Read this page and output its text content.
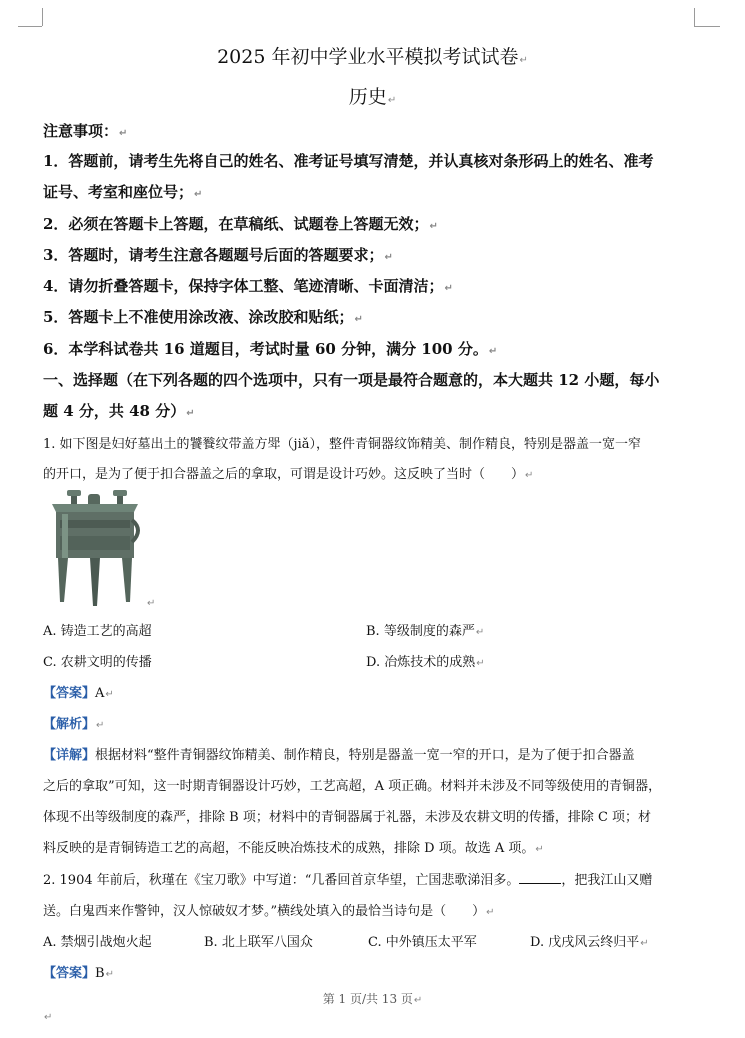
2025 年初中学业水平模拟考试试卷↵
历史↵
注意事项：↵
1．答题前，请考生先将自己的姓名、准考证号填写清楚，并认真核对条形码上的姓名、准考
证号、考室和座位号；↵
2．必须在答题卡上答题，在草稿纸、试题卷上答题无效；↵
3．答题时，请考生注意各题题号后面的答题要求；↵
4．请勿折叠答题卡，保持字体工整、笔迹清晰、卡面清洁；↵
5．答题卡上不准使用涂改液、涂改胶和贴纸；↵
6．本学科试卷共 16 道题目，考试时量 60 分钟，满分 100 分。↵
一、选择题（在下列各题的四个选项中，只有一项是最符合题意的，本大题共 12 小题，每小
题 4 分，共 48 分）↵
1. 如下图是妇好墓出土的饕餮纹带盖方斝（jiǎ），整件青铜器纹饰精美、制作精良，特别是器盖一宽一窄
的开口，是为了便于扣合器盖之后的拿取，可谓是设计巧妙。这反映了当时（　　）↵
↵
A. 铸造工艺的高超	B. 等级制度的森严↵
C. 农耕文明的传播	D. 冶炼技术的成熟↵
【答案】A↵
【解析】↵
【详解】根据材料“整件青铜器纹饰精美、制作精良，特别是器盖一宽一窄的开口，是为了便于扣合器盖
之后的拿取”可知，这一时期青铜器设计巧妙，工艺高超，A 项正确。材料并未涉及不同等级使用的青铜器，
体现不出等级制度的森严，排除 B 项；材料中的青铜器属于礼器，未涉及农耕文明的传播，排除 C 项；材
料反映的是青铜铸造工艺的高超，不能反映冶炼技术的成熟，排除 D 项。故选 A 项。↵
2. 1904 年前后，秋瑾在《宝刀歌》中写道：“几番回首京华望，亡国悲歌涕泪多。	，把我江山又赠
送。白鬼西来作警钟，汉人惊破奴才梦。”横线处填入的最恰当诗句是（　　）↵
A. 禁烟引战炮火起	B. 北上联军八国众	C. 中外镇压太平军	D. 戊戌风云终归平↵
【答案】B↵
第 1 页/共 13 页↵
↵
